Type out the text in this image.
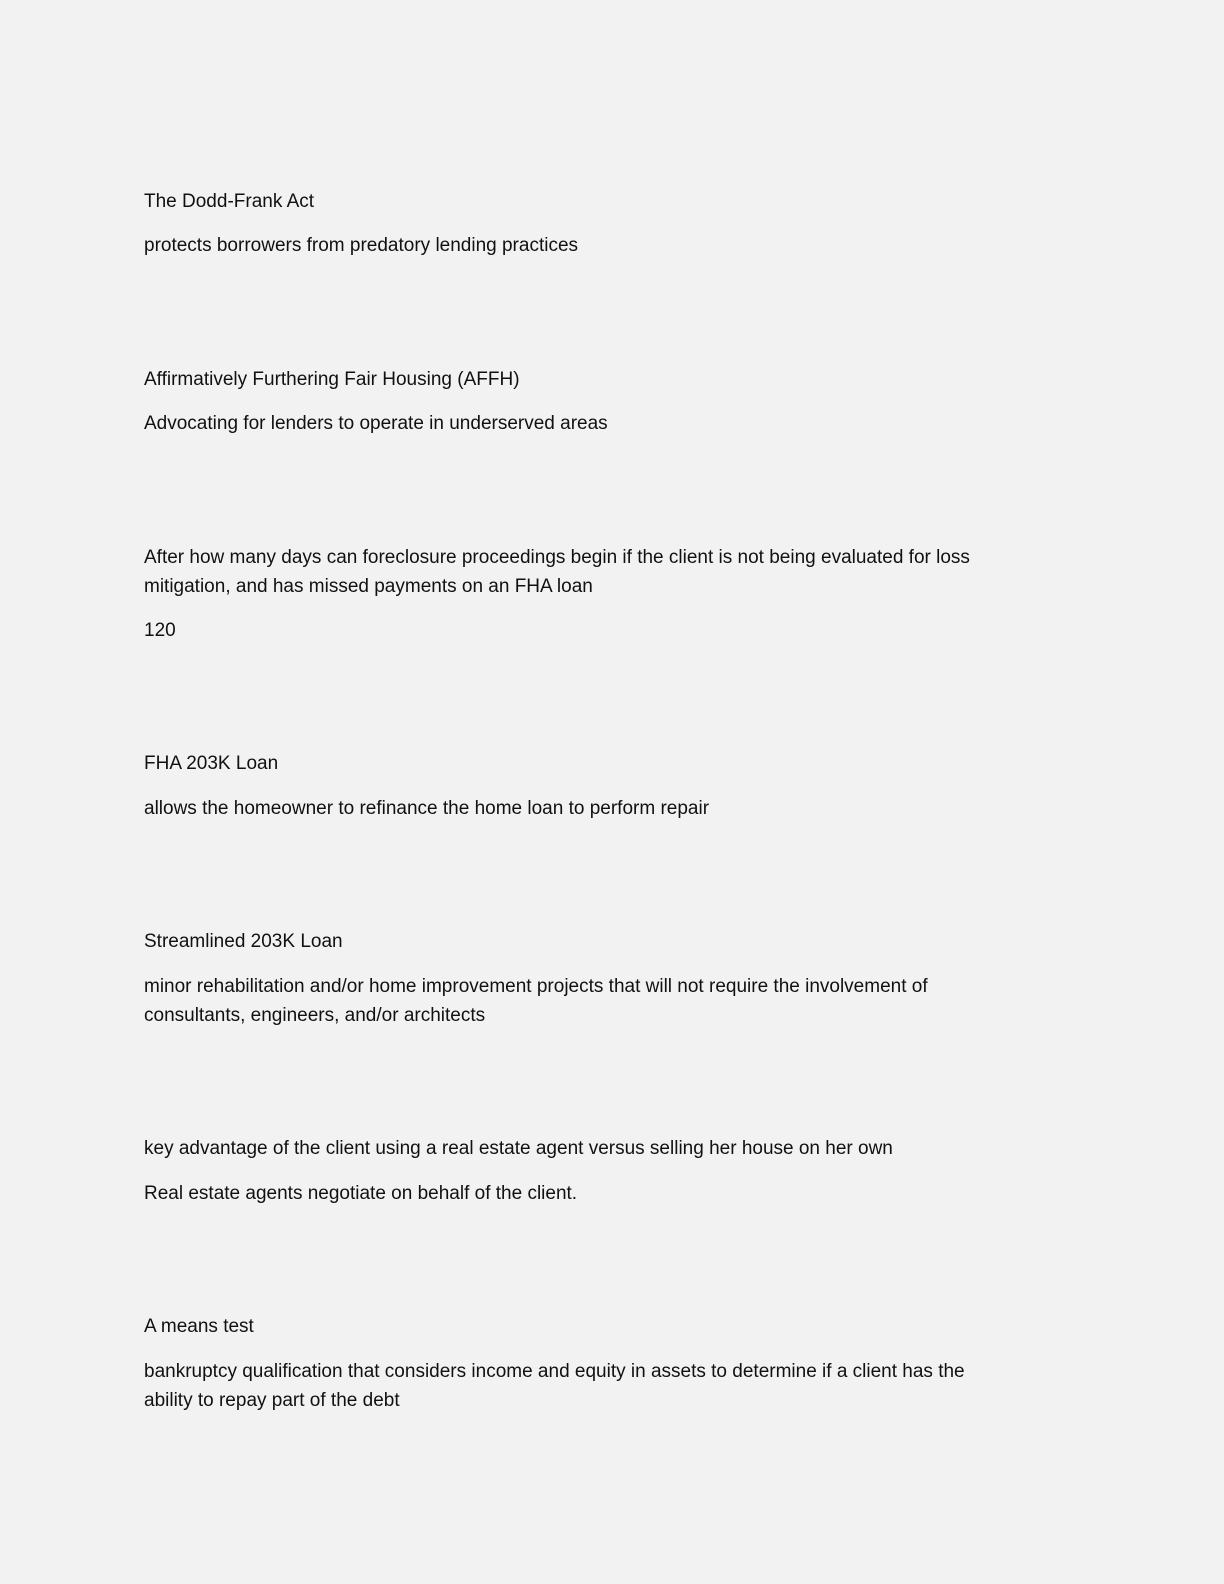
The Dodd-Frank Act
protects borrowers from predatory lending practices
Affirmatively Furthering Fair Housing (AFFH)
Advocating for lenders to operate in underserved areas
After how many days can foreclosure proceedings begin if the client is not being evaluated for loss
mitigation, and has missed payments on an FHA loan
120
FHA 203K Loan
allows the homeowner to refinance the home loan to perform repair
Streamlined 203K Loan
minor rehabilitation and/or home improvement projects that will not require the involvement of
consultants, engineers, and/or architects
key advantage of the client using a real estate agent versus selling her house on her own
Real estate agents negotiate on behalf of the client.
A means test
bankruptcy qualification that considers income and equity in assets to determine if a client has the
ability to repay part of the debt
